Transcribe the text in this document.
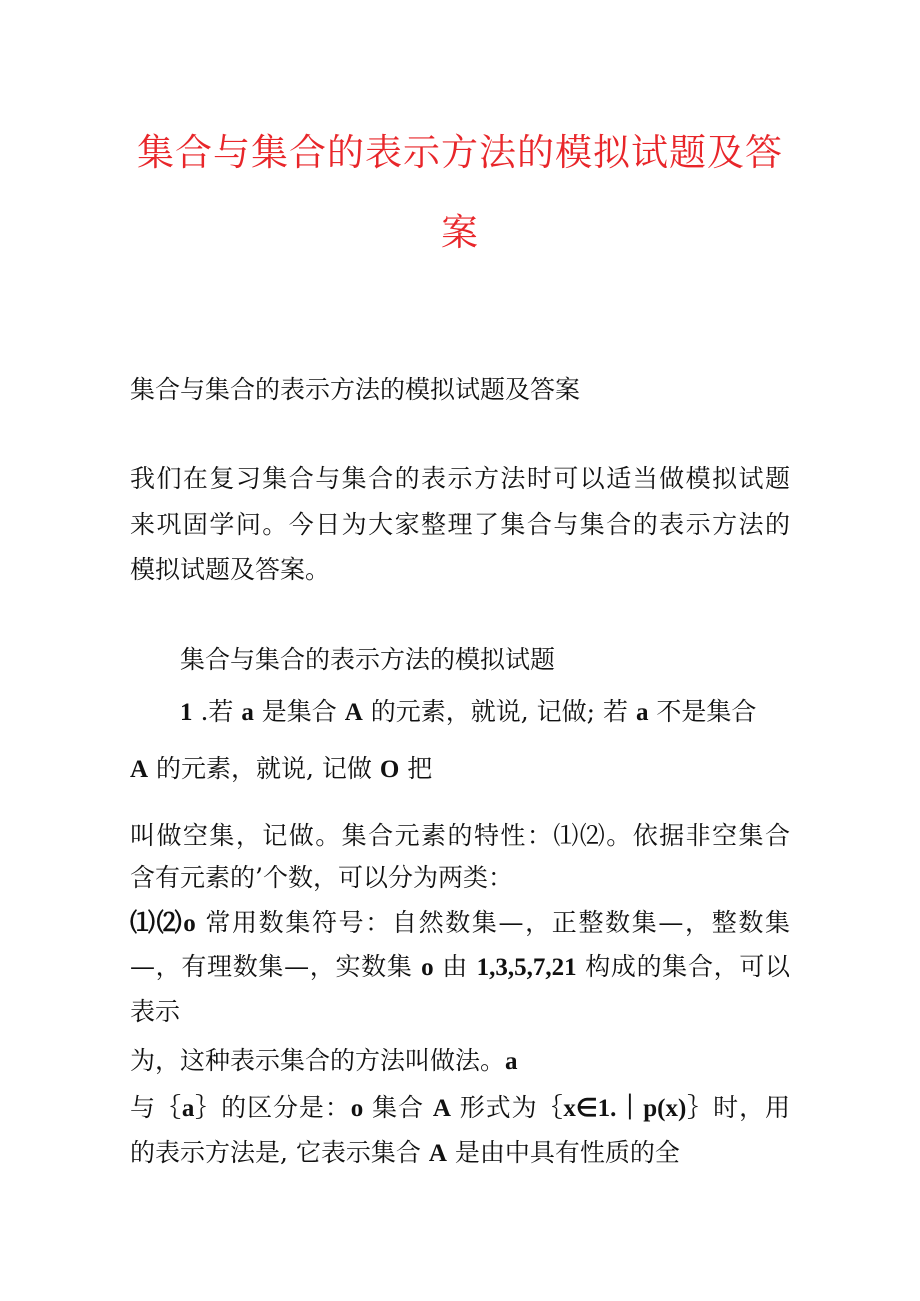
集合与集合的表示方法的模拟试题及答
案
集合与集合的表示方法的模拟试题及答案
我们在复习集合与集合的表示方法时可以适当做模拟试题
来巩固学问。今日为大家整理了集合与集合的表示方法的
模拟试题及答案。
集合与集合的表示方法的模拟试题
1 .若 a 是集合 A 的元素，就说, 记做; 若 a 不是集合
A 的元素，就说, 记做 O 把
叫做空集，记做。集合元素的特性：⑴⑵。依据非空集合
含有元素的’个数，可以分为两类：
⑴⑵o 常用数集符号：自然数集—，正整数集—，整数集
—，有理数集—，实数集 o 由 1,3,5,7,21 构成的集合，可以
表示
为，这种表示集合的方法叫做法。a
与｛a｝的区分是：o 集合 A 形式为｛x∈1.｜p(x)｝时，用
的表示方法是, 它表示集合 A 是由中具有性质的全
